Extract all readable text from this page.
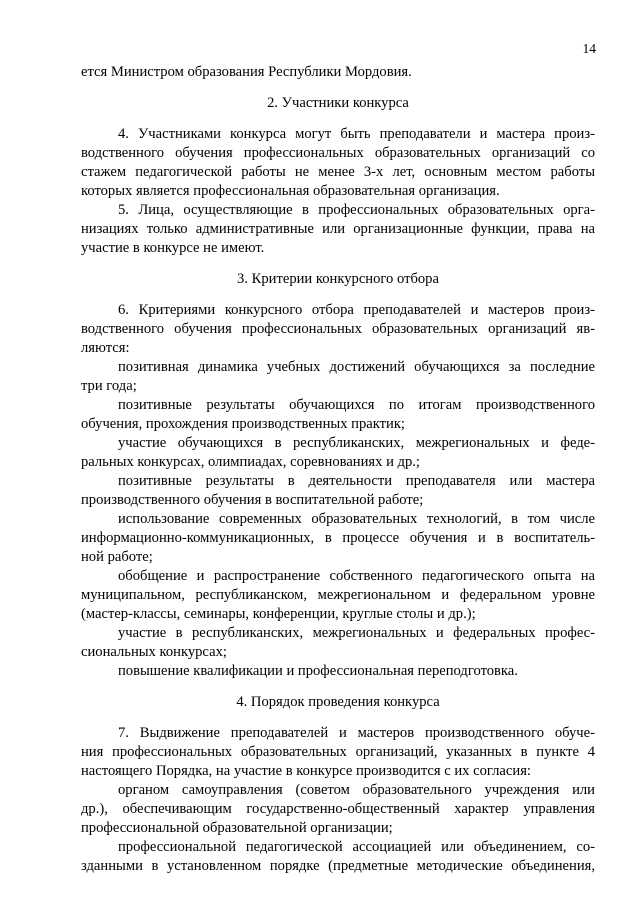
14
ется Министром образования Республики Мордовия.
2. Участники конкурса
4. Участниками конкурса могут быть преподаватели и мастера произ-
водственного обучения профессиональных образовательных организаций со
стажем педагогической работы не менее 3-х лет, основным местом работы
которых является профессиональная образовательная организация.
5. Лица, осуществляющие в профессиональных образовательных орга-
низациях только административные или организационные функции, права на
участие в конкурсе не имеют.
3. Критерии конкурсного отбора
6. Критериями конкурсного отбора преподавателей и мастеров произ-
водственного обучения профессиональных образовательных организаций яв-
ляются:
позитивная динамика учебных достижений обучающихся за последние
три года;
позитивные результаты обучающихся по итогам производственного
обучения, прохождения производственных практик;
участие обучающихся в республиканских, межрегиональных и феде-
ральных конкурсах, олимпиадах, соревнованиях и др.;
позитивные результаты в деятельности преподавателя или мастера
производственного обучения в воспитательной работе;
использование современных образовательных технологий, в том числе
информационно-коммуникационных, в процессе обучения и в воспитатель-
ной работе;
обобщение и распространение собственного педагогического опыта на
муниципальном, республиканском, межрегиональном и федеральном уровне
(мастер-классы, семинары, конференции, круглые столы и др.);
участие в республиканских, межрегиональных и федеральных профес-
сиональных конкурсах;
повышение квалификации и профессиональная переподготовка.
4. Порядок проведения конкурса
7. Выдвижение преподавателей и мастеров производственного обуче-
ния профессиональных образовательных организаций, указанных в пункте 4
настоящего Порядка, на участие в конкурсе производится с их согласия:
органом самоуправления (советом образовательного учреждения или
др.), обеспечивающим государственно-общественный характер управления
профессиональной образовательной организации;
профессиональной педагогической ассоциацией или объединением, со-
зданными в установленном порядке (предметные методические объединения,
